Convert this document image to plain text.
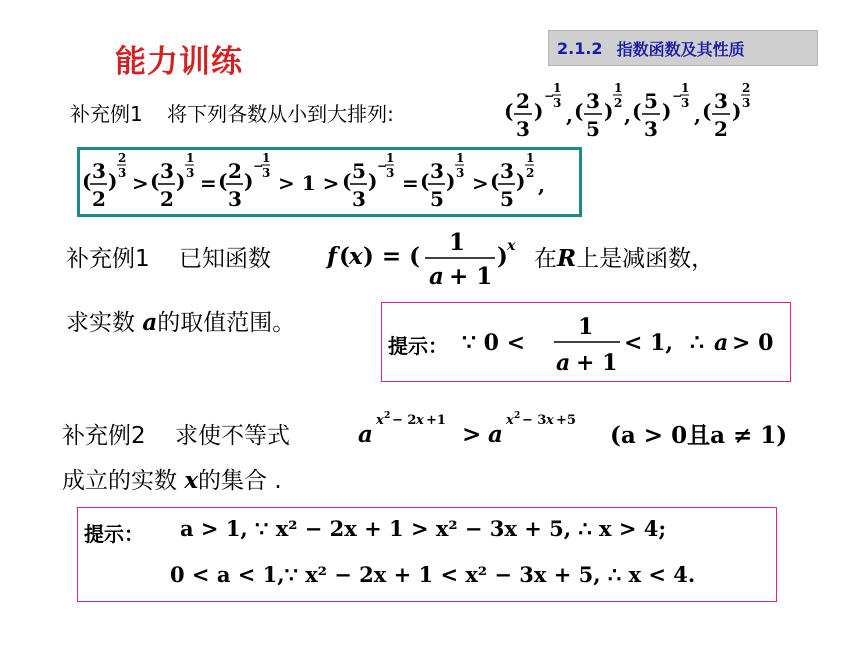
能力训练	2.1.2 指数函数及其性质
补充例1 将下列各数从小到大排列:	( 2
3
)
−
1
3 , ( 3
5
)
1
2 , ( 5
3
)
−
1
3 , ( 3
2
)
2
3
( 3
2
)
2
3 > ( 3
2
)
1
3 = ( 2
3
)
−
1
3 > 1 > ( 5
3
)
−
1
3 = ( 3
5
)
1
3 > ( 3
5
)
1
2 ,
补充例1 已知函数 f ( x ) = (
1
a + 1
) x 在R上是减函数，
求实数 a的取值范围。
提示： ∵ 0 <
1
a + 1
< 1, ∴ a > 0
补充例2 求使不等式	a
x 2 − 2 x +1
> a
x 2 − 3 x +5
(a > 0且a ≠ 1)
成立的实数 x的集合 .
提示： a > 1, ∵ x² − 2x + 1 > x² − 3x + 5, ∴ x > 4;
0 < a < 1,∵ x² − 2x + 1 < x² − 3x + 5, ∴ x < 4.
